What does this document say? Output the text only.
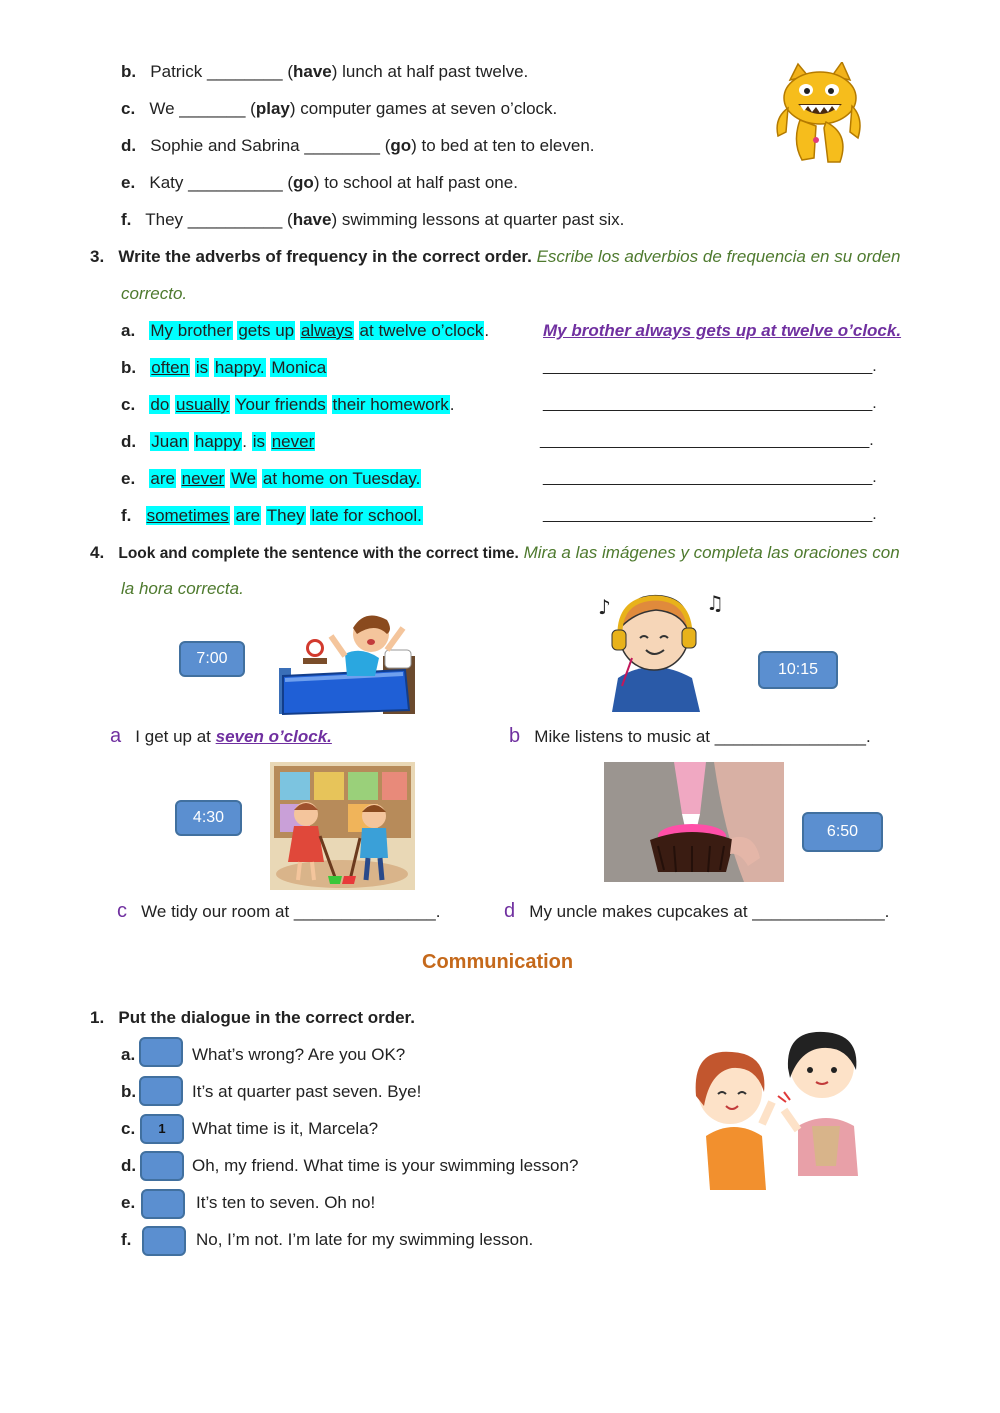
b. Patrick ________ (have) lunch at half past twelve.
c. We _______ (play) computer games at seven o’clock.
d. Sophie and Sabrina ________ (go) to bed at ten to eleven.
e. Katy __________ (go) to school at half past one.
f. They __________ (have) swimming lessons at quarter past six.
3. Write the adverbs of frequency in the correct order. Escribe los adverbios de frequencia en su orden
correcto.
a. My brother gets up always at twelve o’clock.	My brother always gets up at twelve o’clock.
b. often is happy. Monica	_____________________________________.
c. do usually Your friends their homework.	_____________________________________.
d. Juan happy. is never	_____________________________________.
e. are never We at home on Tuesday.	_____________________________________.
f. sometimes are They late for school.	_____________________________________.
4. Look and complete the sentence with the correct time. Mira a las imágenes y completa las oraciones con
la hora correcta.
7:00
a I get up at seven o’clock.
♪	♫
10:15
b Mike listens to music at ________________.
4:30
c We tidy our room at _______________.
6:50
d My uncle makes cupcakes at ______________.
Communication
1. Put the dialogue in the correct order.
a.	What’s wrong? Are you OK?
b.	It’s at quarter past seven. Bye!
c.	1	What time is it, Marcela?
d.	Oh, my friend. What time is your swimming lesson?
e.	It’s ten to seven. Oh no!
f.	No, I’m not. I’m late for my swimming lesson.
